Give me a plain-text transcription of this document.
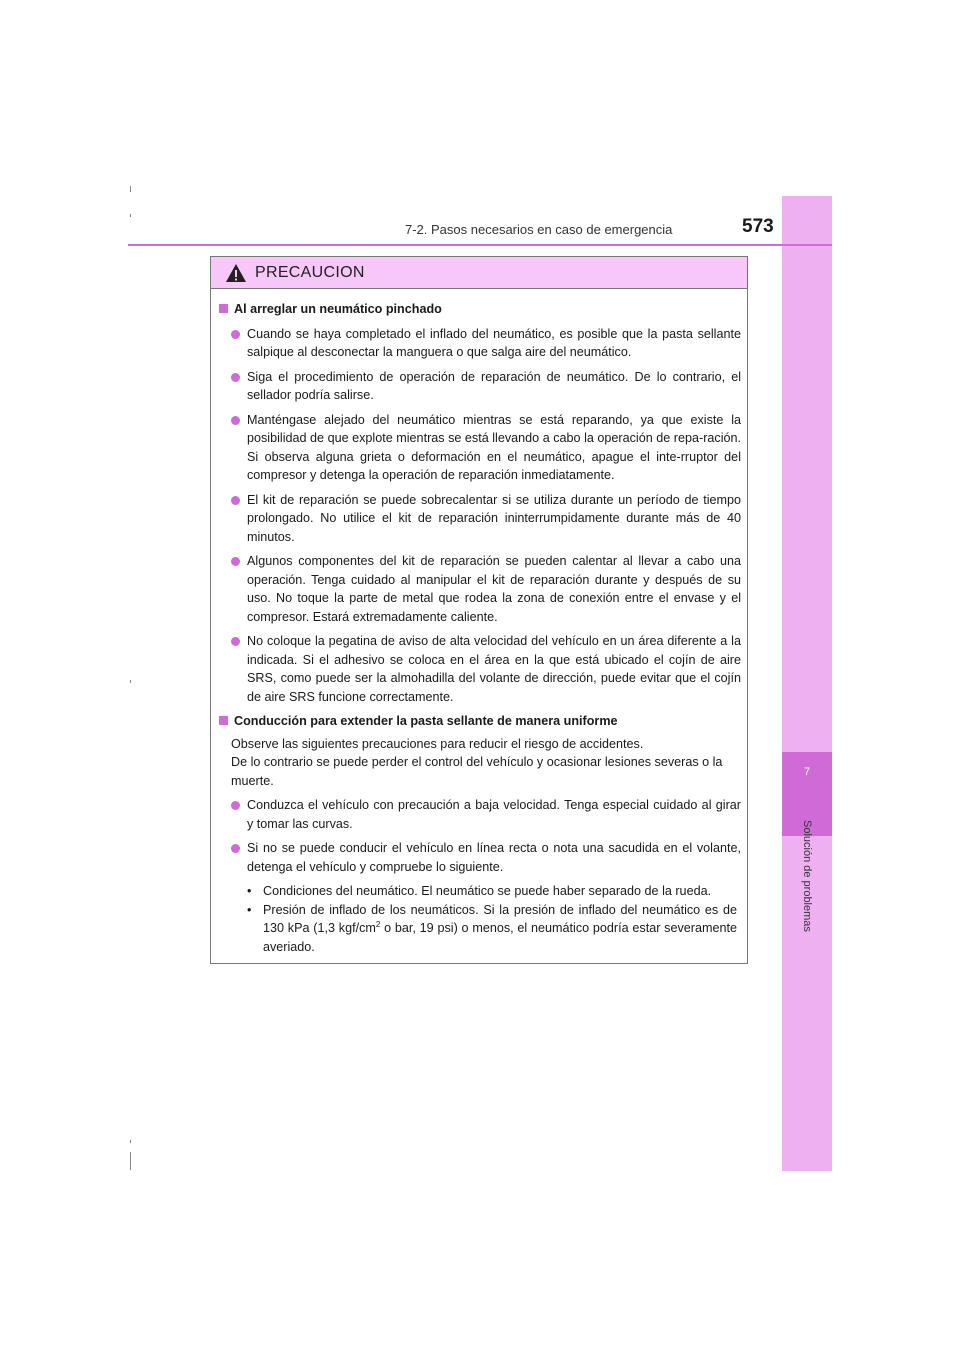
7
Solución de problemas
7-2. Pasos necesarios en caso de emergencia	573
PRECAUCION
Al arreglar un neumático pinchado

Cuando se haya completado el inflado del neumático, es posible que la pasta sellante salpique al desconectar la manguera o que salga aire del neumático.

Siga el procedimiento de operación de reparación de neumático. De lo contrario, el sellador podría salirse.

Manténgase alejado del neumático mientras se está reparando, ya que existe la posibilidad de que explote mientras se está llevando a cabo la operación de repa-ración. Si observa alguna grieta o deformación en el neumático, apague el inte-rruptor del compresor y detenga la operación de reparación inmediatamente.

El kit de reparación se puede sobrecalentar si se utiliza durante un período de tiempo prolongado. No utilice el kit de reparación ininterrumpidamente durante más de 40 minutos.

Algunos componentes del kit de reparación se pueden calentar al llevar a cabo una operación. Tenga cuidado al manipular el kit de reparación durante y después de su uso. No toque la parte de metal que rodea la zona de conexión entre el envase y el compresor. Estará extremadamente caliente.

No coloque la pegatina de aviso de alta velocidad del vehículo en un área diferente a la indicada. Si el adhesivo se coloca en el área en la que está ubicado el cojín de aire SRS, como puede ser la almohadilla del volante de dirección, puede evitar que el cojín de aire SRS funcione correctamente.

Conducción para extender la pasta sellante de manera uniforme

Observe las siguientes precauciones para reducir el riesgo de accidentes.

De lo contrario se puede perder el control del vehículo y ocasionar lesiones severas o la muerte.

Conduzca el vehículo con precaución a baja velocidad. Tenga especial cuidado al girar y tomar las curvas.

Si no se puede conducir el vehículo en línea recta o nota una sacudida en el volante, detenga el vehículo y compruebe lo siguiente.

• Condiciones del neumático. El neumático se puede haber separado de la rueda.

• Presión de inflado de los neumáticos. Si la presión de inflado del neumático es de 130 kPa (1,3 kgf/$cm^2$ o bar, 19 psi) o menos, el neumático podría estar severamente averiado.
